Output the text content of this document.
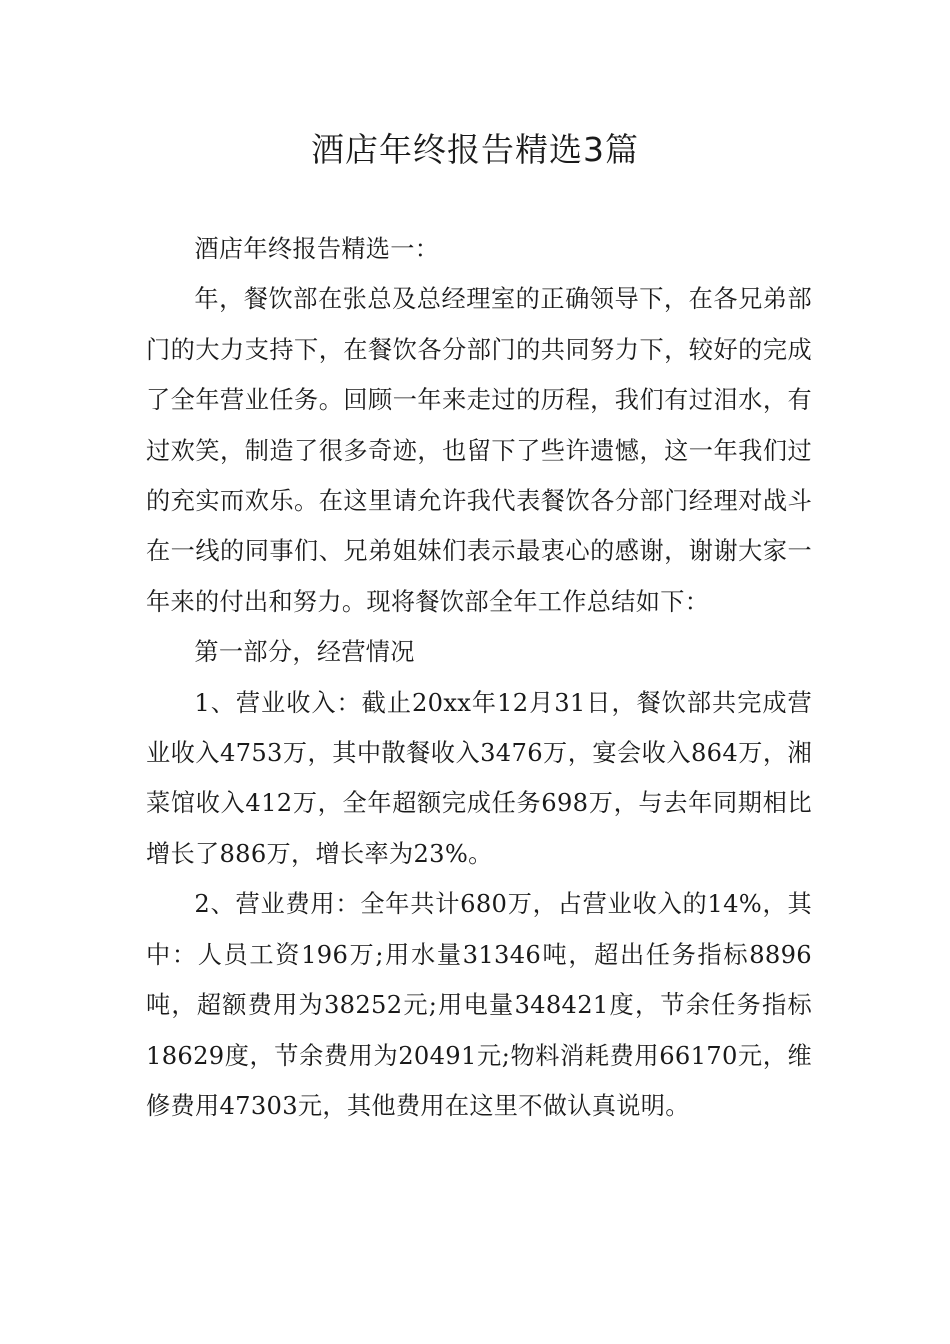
酒店年终报告精选3篇

酒店年终报告精选一：

年，餐饮部在张总及总经理室的正确领导下，在各兄弟部门的大力支持下，在餐饮各分部门的共同努力下，较好的完成了全年营业任务。回顾一年来走过的历程，我们有过泪水，有过欢笑，制造了很多奇迹，也留下了些许遗憾，这一年我们过的充实而欢乐。在这里请允许我代表餐饮各分部门经理对战斗在一线的同事们、兄弟姐妹们表示最衷心的感谢，谢谢大家一年来的付出和努力。现将餐饮部全年工作总结如下：

第一部分，经营情况

1、营业收入：截止20xx年12月31日，餐饮部共完成营业收入4753万，其中散餐收入3476万，宴会收入864万，湘菜馆收入412万，全年超额完成任务698万，与去年同期相比增长了886万，增长率为23%。

2、营业费用：全年共计680万，占营业收入的14%，其中：人员工资196万;用水量31346吨，超出任务指标8896吨，超额费用为38252元;用电量348421度，节余任务指标18629度，节余费用为20491元;物料消耗费用66170元，维修费用47303元，其他费用在这里不做认真说明。
